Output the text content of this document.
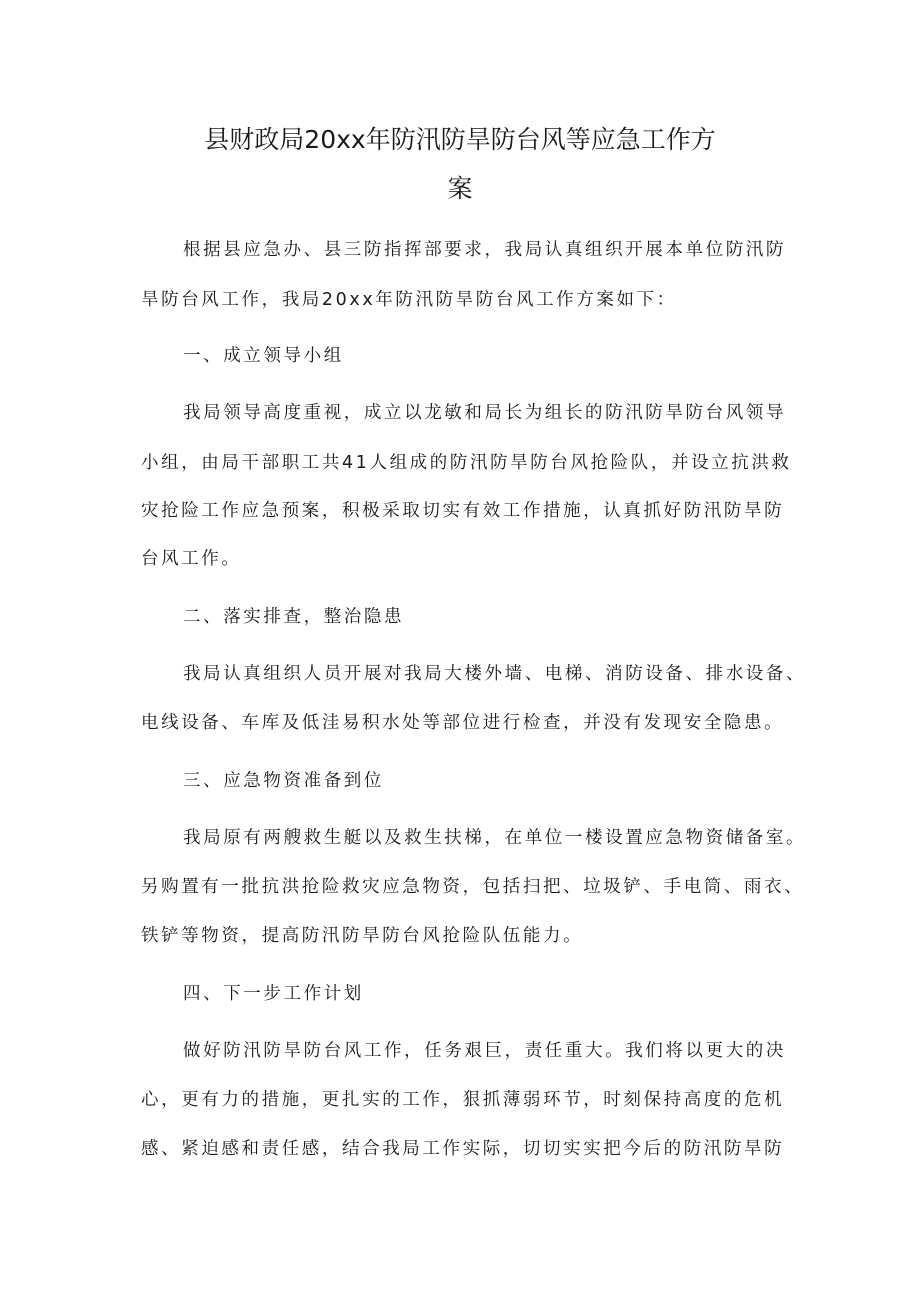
县财政局20xx年防汛防旱防台风等应急工作方
案

根据县应急办、县三防指挥部要求，我局认真组织开展本单位防汛防

旱防台风工作，我局20xx年防汛防旱防台风工作方案如下：

一、成立领导小组

我局领导高度重视，成立以龙敏和局长为组长的防汛防旱防台风领导

小组，由局干部职工共41人组成的防汛防旱防台风抢险队，并设立抗洪救

灾抢险工作应急预案，积极采取切实有效工作措施，认真抓好防汛防旱防

台风工作。

二、落实排查，整治隐患

我局认真组织人员开展对我局大楼外墙、电梯、消防设备、排水设备、

电线设备、车库及低洼易积水处等部位进行检查，并没有发现安全隐患。

三、应急物资准备到位

我局原有两艘救生艇以及救生扶梯，在单位一楼设置应急物资储备室。

另购置有一批抗洪抢险救灾应急物资，包括扫把、垃圾铲、手电筒、雨衣、

铁铲等物资，提高防汛防旱防台风抢险队伍能力。

四、下一步工作计划

做好防汛防旱防台风工作，任务艰巨，责任重大。我们将以更大的决

心，更有力的措施，更扎实的工作，狠抓薄弱环节，时刻保持高度的危机

感、紧迫感和责任感，结合我局工作实际，切切实实把今后的防汛防旱防
